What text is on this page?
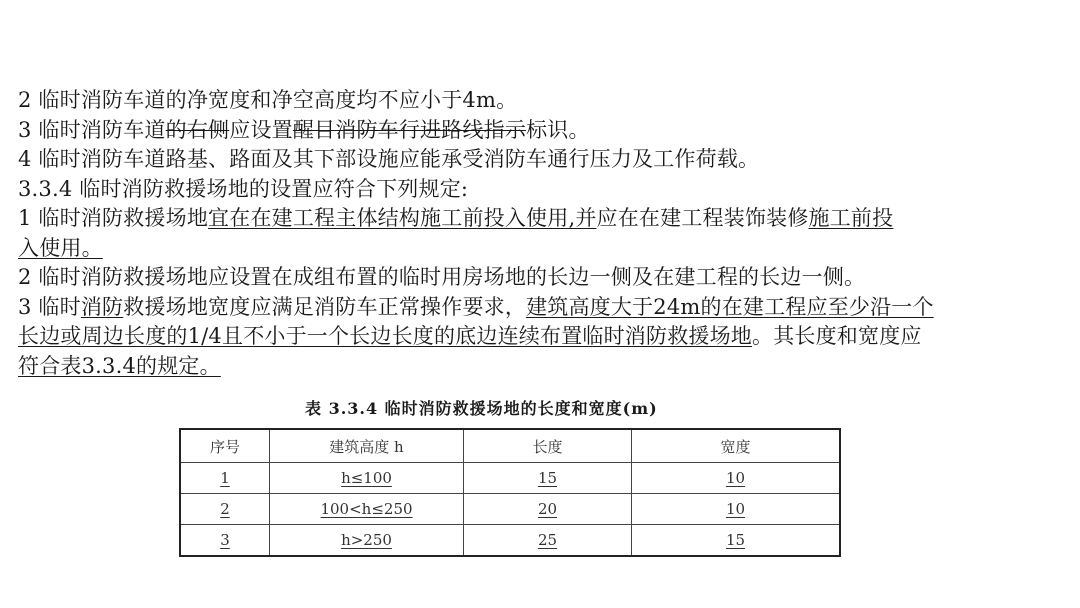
2 临时消防车道的净宽度和净空高度均不应小于4m。
3 临时消防车道的右侧应设置醒目消防车行进路线指示标识。
4 临时消防车道路基、路面及其下部设施应能承受消防车通行压力及工作荷载。
3.3.4 临时消防救援场地的设置应符合下列规定:
1 临时消防救援场地宜在在建工程主体结构施工前投入使用,并应在在建工程装饰装修施工前投
入使用。
2 临时消防救援场地应设置在成组布置的临时用房场地的长边一侧及在建工程的长边一侧。
3 临时消防救援场地宽度应满足消防车正常操作要求，建筑高度大于24m的在建工程应至少沿一个
长边或周边长度的1/4且不小于一个长边长度的底边连续布置临时消防救援场地。其长度和宽度应
符合表3.3.4的规定。
表 3.3.4 临时消防救援场地的长度和宽度(m)
序号	建筑高度 h	长度	宽度
1	h≤100	15	10
2	100<h≤250	20	10
3	h>250	25	15
